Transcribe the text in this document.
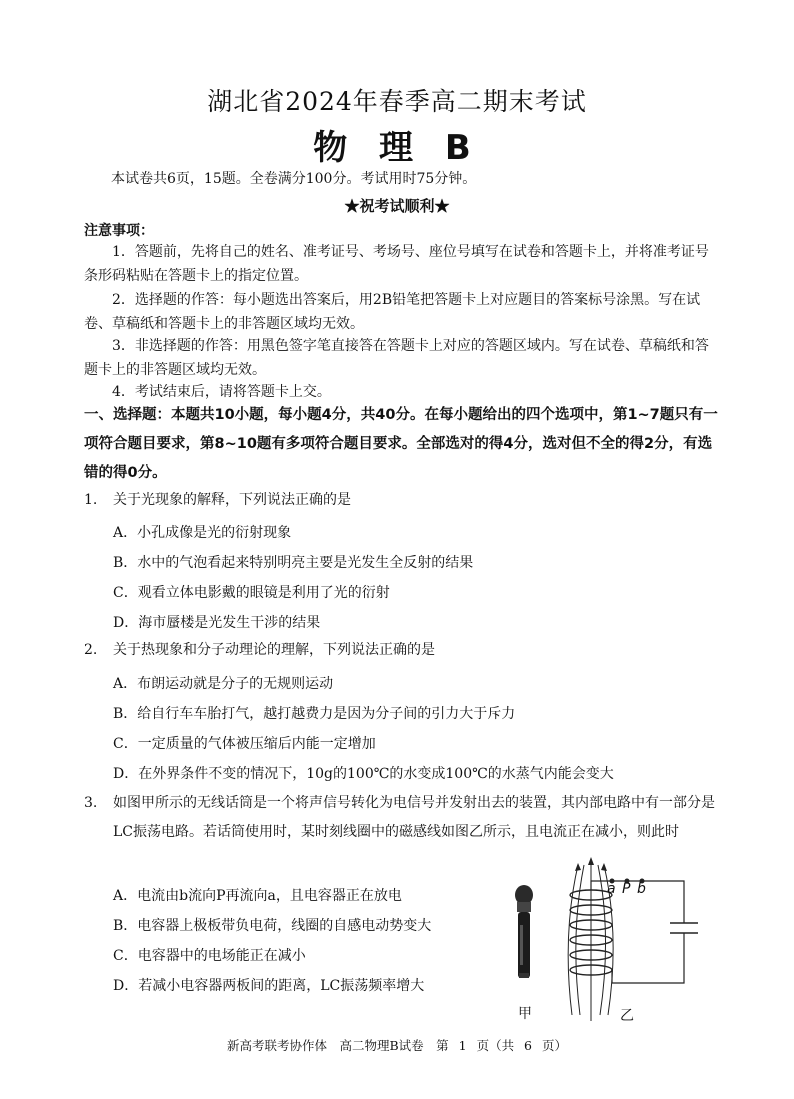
湖北省2024年春季高二期末考试
物 理 B
本试卷共6页，15题。全卷满分100分。考试用时75分钟。
★祝考试顺利★
注意事项：
1．答题前，先将自己的姓名、准考证号、考场号、座位号填写在试卷和答题卡上，并将准考证号条形码粘贴在答题卡上的指定位置。
2．选择题的作答：每小题选出答案后，用2B铅笔把答题卡上对应题目的答案标号涂黑。写在试卷、草稿纸和答题卡上的非答题区域均无效。
3．非选择题的作答：用黑色签字笔直接答在答题卡上对应的答题区域内。写在试卷、草稿纸和答题卡上的非答题区域均无效。
4．考试结束后，请将答题卡上交。
一、选择题：本题共10小题，每小题4分，共40分。在每小题给出的四个选项中，第1~7题只有一项符合题目要求，第8~10题有多项符合题目要求。全部选对的得4分，选对但不全的得2分，有选错的得0分。
1. 关于光现象的解释，下列说法正确的是
A．小孔成像是光的衍射现象
B．水中的气泡看起来特别明亮主要是光发生全反射的结果
C．观看立体电影戴的眼镜是利用了光的衍射
D．海市蜃楼是光发生干涉的结果
2. 关于热现象和分子动理论的理解，下列说法正确的是
A．布朗运动就是分子的无规则运动
B．给自行车车胎打气，越打越费力是因为分子间的引力大于斥力
C．一定质量的气体被压缩后内能一定增加
D．在外界条件不变的情况下，10g的100℃的水变成100℃的水蒸气内能会变大
3. 如图甲所示的无线话筒是一个将声信号转化为电信号并发射出去的装置，其内部电路中有一部分是LC振荡电路。若话筒使用时，某时刻线圈中的磁感线如图乙所示，且电流正在减小，则此时
A．电流由b流向P再流向a，且电容器正在放电
B．电容器上极板带负电荷，线圈的自感电动势变大
C．电容器中的电场能正在减小
D．若减小电容器两板间的距离，LC振荡频率增大
a P b
甲	乙
新高考联考协作体　高二物理B试卷　第 1 页（共 6 页）
